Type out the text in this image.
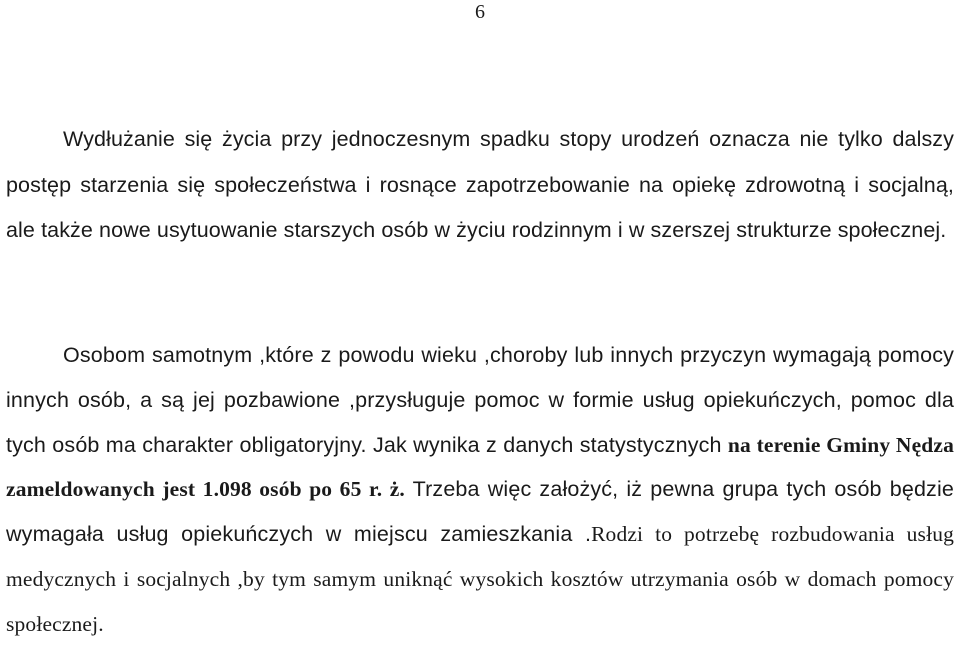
6

Wydłużanie się życia przy jednoczesnym spadku stopy urodzeń oznacza nie tylko dalszy postęp starzenia się społeczeństwa i rosnące zapotrzebowanie na opiekę zdrowotną i socjalną, ale także nowe usytuowanie starszych osób w życiu rodzinnym i w szerszej strukturze społecznej.

Osobom samotnym ,które z powodu wieku ,choroby lub innych przyczyn wymagają pomocy innych osób, a są jej pozbawione ,przysługuje pomoc w formie usług opiekuńczych, pomoc dla tych osób ma charakter obligatoryjny. Jak wynika z danych statystycznych na terenie Gminy Nędza zameldowanych jest 1.098 osób po 65 r. ż. Trzeba więc założyć, iż pewna grupa tych osób będzie wymagała usług opiekuńczych w miejscu zamieszkania .Rodzi to potrzebę rozbudowania usług medycznych i socjalnych ,by tym samym uniknąć wysokich kosztów utrzymania osób w domach pomocy społecznej.
